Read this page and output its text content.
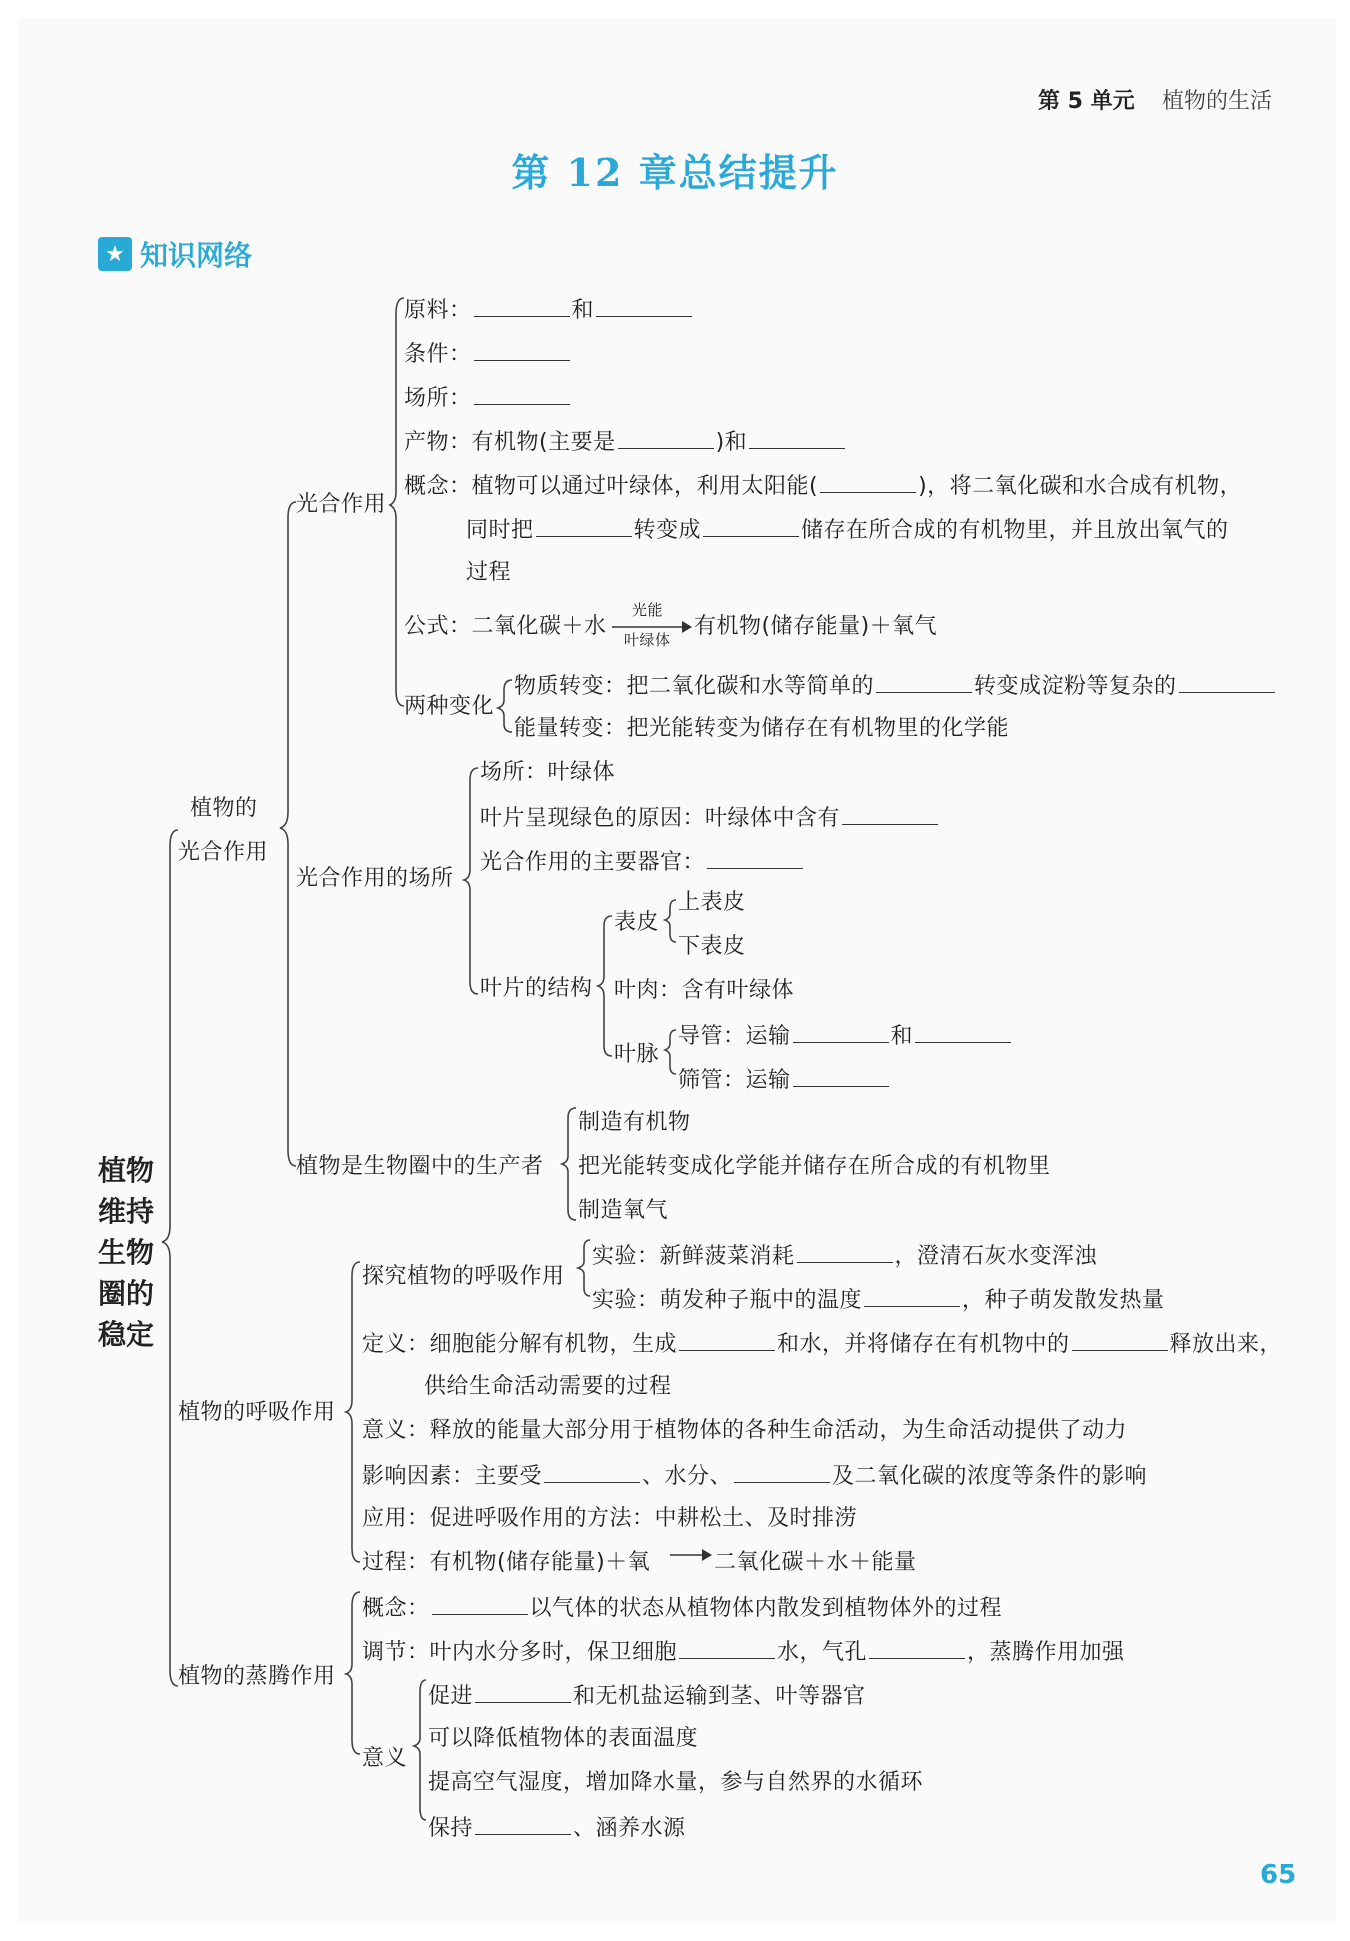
第 5 单元 植物的生活
第 12 章总结提升
★ 知识网络
植物
维持
生物
圈的
稳定
植物的
光合作用
光合作用
原料：	和
条件：
场所：
产物：有机物(主要是	)和
概念：植物可以通过叶绿体，利用太阳能(	)，将二氧化碳和水合成有机物，
同时把	转变成	储存在所合成的有机物里，并且放出氧气的
过程
公式：二氧化碳＋水
光能
叶绿体
有机物(储存能量)＋氧气
两种变化
物质转变：把二氧化碳和水等简单的	转变成淀粉等复杂的
能量转变：把光能转变为储存在有机物里的化学能
光合作用的场所
场所：叶绿体
叶片呈现绿色的原因：叶绿体中含有
光合作用的主要器官：
叶片的结构
表皮
上表皮
下表皮
叶肉：含有叶绿体
叶脉
导管：运输	和
筛管：运输
植物是生物圈中的生产者
制造有机物
把光能转变成化学能并储存在所合成的有机物里
制造氧气
植物的呼吸作用
探究植物的呼吸作用
实验：新鲜菠菜消耗	，澄清石灰水变浑浊
实验：萌发种子瓶中的温度	，种子萌发散发热量
定义：细胞能分解有机物，生成	和水，并将储存在有机物中的	释放出来，
供给生命活动需要的过程
意义：释放的能量大部分用于植物体的各种生命活动，为生命活动提供了动力
影响因素：主要受	、水分、	及二氧化碳的浓度等条件的影响
应用：促进呼吸作用的方法：中耕松土、及时排涝
过程：有机物(储存能量)＋氧	二氧化碳＋水＋能量
植物的蒸腾作用
概念：	以气体的状态从植物体内散发到植物体外的过程
调节：叶内水分多时，保卫细胞	水，气孔	，蒸腾作用加强
意义
促进	和无机盐运输到茎、叶等器官
可以降低植物体的表面温度
提高空气湿度，增加降水量，参与自然界的水循环
保持	、涵养水源
65
